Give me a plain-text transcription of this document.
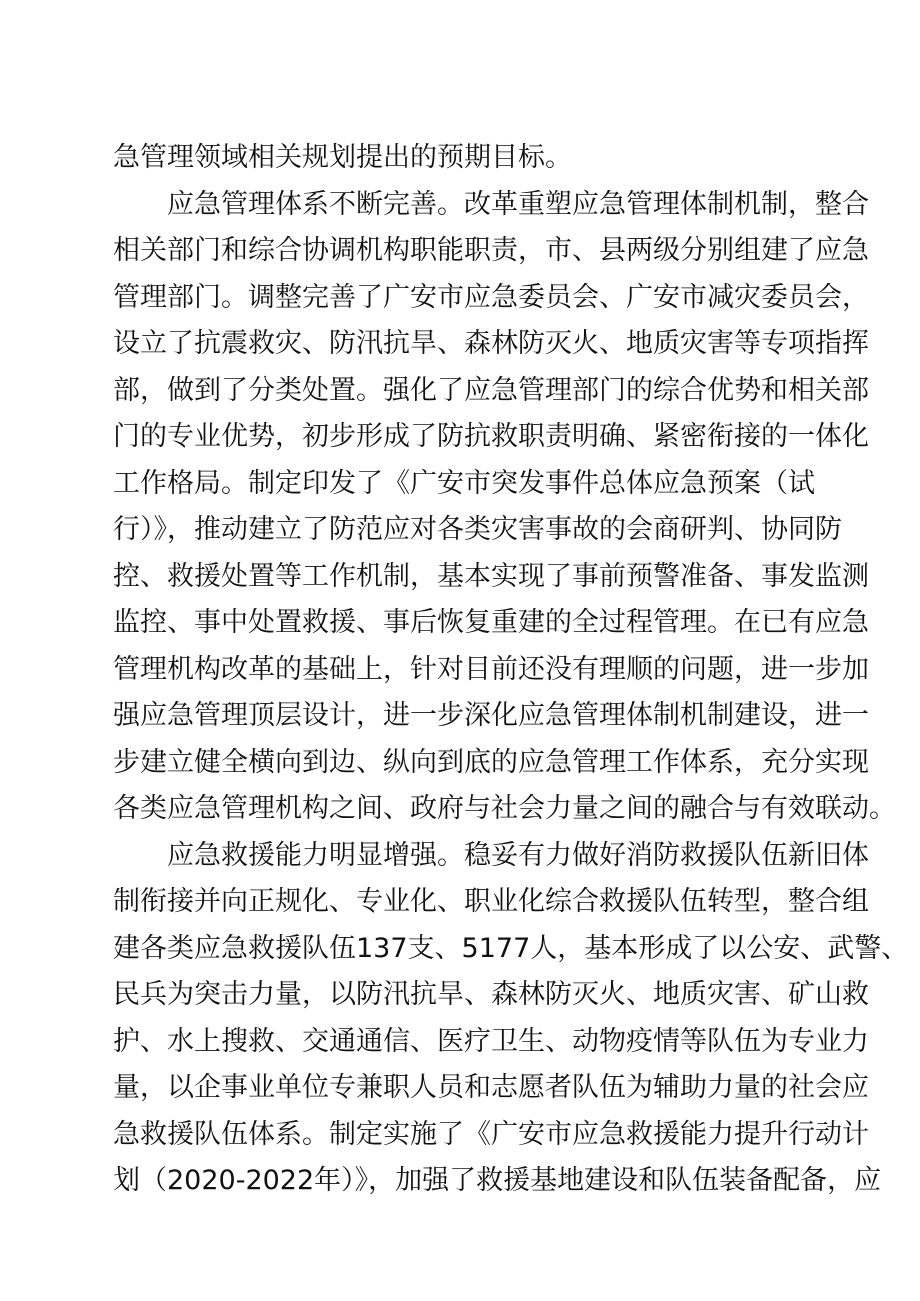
急管理领域相关规划提出的预期目标。
应急管理体系不断完善。改革重塑应急管理体制机制，整合
相关部门和综合协调机构职能职责，市、县两级分别组建了应急
管理部门。调整完善了广安市应急委员会、广安市减灾委员会，
设立了抗震救灾、防汛抗旱、森林防灭火、地质灾害等专项指挥
部，做到了分类处置。强化了应急管理部门的综合优势和相关部
门的专业优势，初步形成了防抗救职责明确、紧密衔接的一体化
工作格局。制定印发了《广安市突发事件总体应急预案（试
行）》，推动建立了防范应对各类灾害事故的会商研判、协同防
控、救援处置等工作机制，基本实现了事前预警准备、事发监测
监控、事中处置救援、事后恢复重建的全过程管理。在已有应急
管理机构改革的基础上，针对目前还没有理顺的问题，进一步加
强应急管理顶层设计，进一步深化应急管理体制机制建设，进一
步建立健全横向到边、纵向到底的应急管理工作体系，充分实现
各类应急管理机构之间、政府与社会力量之间的融合与有效联动。
应急救援能力明显增强。稳妥有力做好消防救援队伍新旧体
制衔接并向正规化、专业化、职业化综合救援队伍转型，整合组
建各类应急救援队伍137支、5177人，基本形成了以公安、武警、
民兵为突击力量，以防汛抗旱、森林防灭火、地质灾害、矿山救
护、水上搜救、交通通信、医疗卫生、动物疫情等队伍为专业力
量，以企事业单位专兼职人员和志愿者队伍为辅助力量的社会应
急救援队伍体系。制定实施了《广安市应急救援能力提升行动计
划（2020-2022年）》，加强了救援基地建设和队伍装备配备，应
